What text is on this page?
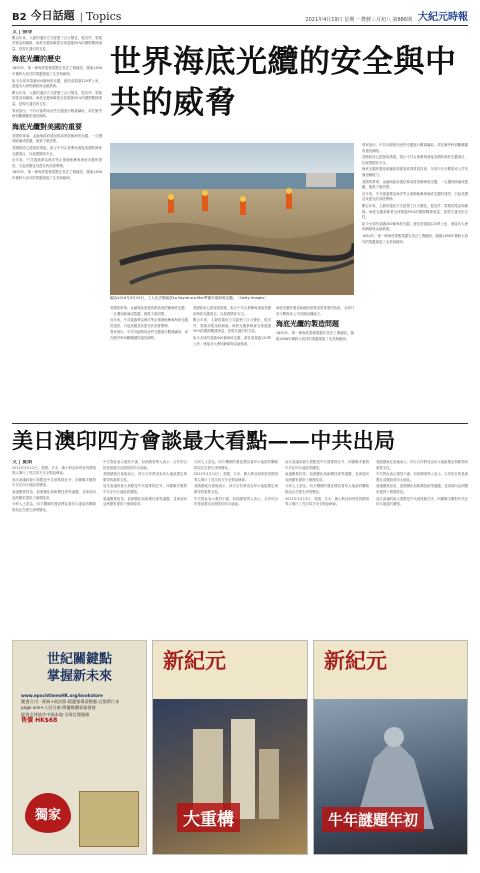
B2 今日話題 | Topics	2021年4月19日 星期一 農曆三月初八 第886期 大紀元時報
文 | 張菲
數百年來，人類的通信方式經歷了巨大變化，從信件、電報到電話和網絡。海底光纜承載著全球超過95%的國際數據流量，是現代通信的支柱。
海底光纜的歷史
1850年，第一條海底電報電纜在英法之間鋪設，隨後1858年橫跨大西洋的電纜連接了北美與歐洲。
如今全球有超過400條海底光纜，總長度超過120萬公里，連接各大洲的網絡與金融系統。
數百年來，人類的通信方式經歷了巨大變化，從信件、電報到電話和網絡。海底光纜承載著全球超過95%的國際數據流量，是現代通信的支柱。
專家指出，中共可能利用這些光纜進行數據竊取，或在衝突時切斷關鍵的通信線路。
海底光纜對美國的重要
美國的軍事、金融與政府通信都高度依賴海底光纜，一旦遭到破壞或監聽，後果不堪設想。
美國政府已經採取措施，阻止中共企業參與連接美國的海底光纜項目，以保護國家安全。
近年來，中共通過華為海洋等企業積極參與海底光纜的建設，引起美國及其盟友的高度警惕。
1850年，第一條海底電報電纜在英法之間鋪設，隨後1858年橫跨大西洋的電纜連接了北美與歐洲。
世界海底光纜的安全與中共的威脅
圖為2019年3月19日，工人在法國南部La Seyne-sur-Mer準備安裝海底光纜。（Getty Images）
美國的軍事、金融與政府通信都高度依賴海底光纜，一旦遭到破壞或監聽，後果不堪設想。
近年來，中共通過華為海洋等企業積極參與海底光纜的建設，引起美國及其盟友的高度警惕。
專家指出，中共可能利用這些光纜進行數據竊取，或在衝突時切斷關鍵的通信線路。
美國政府已經採取措施，阻止中共企業參與連接美國的海底光纜項目，以保護國家安全。
數百年來，人類的通信方式經歷了巨大變化，從信件、電報到電話和網絡。海底光纜承載著全球超過95%的國際數據流量，是現代通信的支柱。
如今全球有超過400條海底光纜，總長度超過120萬公里，連接各大洲的網絡與金融系統。
海底光纜的製造和鋪設需要高度專業的技術，全球只有少數幾家公司具備這種能力。
海底光纜的製造問題
1850年，第一條海底電報電纜在英法之間鋪設，隨後1858年橫跨大西洋的電纜連接了北美與歐洲。
專家指出，中共可能利用這些光纜進行數據竊取，或在衝突時切斷關鍵的通信線路。
美國政府已經採取措施，阻止中共企業參與連接美國的海底光纜項目，以保護國家安全。
海底光纜的製造和鋪設需要高度專業的技術，全球只有少數幾家公司具備這種能力。
美國的軍事、金融與政府通信都高度依賴海底光纜，一旦遭到破壞或監聽，後果不堪設想。
近年來，中共通過華為海洋等企業積極參與海底光纜的建設，引起美國及其盟友的高度警惕。
數百年來，人類的通信方式經歷了巨大變化，從信件、電報到電話和網絡。海底光纜承載著全球超過95%的國際數據流量，是現代通信的支柱。
如今全球有超過400條海底光纜，總長度超過120萬公里，連接各大洲的網絡與金融系統。
1850年，第一條海底電報電纜在英法之間鋪設，隨後1858年橫跨大西洋的電纜連接了北美與歐洲。
美日澳印四方會談最大看點——中共出局
文 | 夏雨
2021年3月12日，美國、日本、澳大利亞和印度四國領導人舉行了首次四方安全對話峰會。
這次會議的最大看點是中共被排除在外，四國聯手應對中共在印太地區的擴張。
會議聚焦疫苗、氣候變化和新興技術等議題，並承諾向亞洲國家提供十億劑疫苗。
分析人士認為，四方機制的強化標誌著印太地區的戰略格局正在發生深刻變化。
中共對此表示強烈不滿，但四國領導人表示，合作的目的是維護自由開放的印太地區。
美國總統在會後表示，四方合作將成為印太地區穩定與繁榮的重要支柱。
這次會議的最大看點是中共被排除在外，四國聯手應對中共在印太地區的擴張。
會議聚焦疫苗、氣候變化和新興技術等議題，並承諾向亞洲國家提供十億劑疫苗。
分析人士認為，四方機制的強化標誌著印太地區的戰略格局正在發生深刻變化。
2021年3月12日，美國、日本、澳大利亞和印度四國領導人舉行了首次四方安全對話峰會。
美國總統在會後表示，四方合作將成為印太地區穩定與繁榮的重要支柱。
中共對此表示強烈不滿，但四國領導人表示，合作的目的是維護自由開放的印太地區。
這次會議的最大看點是中共被排除在外，四國聯手應對中共在印太地區的擴張。
會議聚焦疫苗、氣候變化和新興技術等議題，並承諾向亞洲國家提供十億劑疫苗。
分析人士認為，四方機制的強化標誌著印太地區的戰略格局正在發生深刻變化。
2021年3月12日，美國、日本、澳大利亞和印度四國領導人舉行了首次四方安全對話峰會。
美國總統在會後表示，四方合作將成為印太地區穩定與繁榮的重要支柱。
中共對此表示強烈不滿，但四國領導人表示，合作的目的是維護自由開放的印太地區。
會議聚焦疫苗、氣候變化和新興技術等議題，並承諾向亞洲國家提供十億劑疫苗。
這次會議的最大看點是中共被排除在外，四國聯手應對中共在印太地區的擴張。
世紀關鍵點
掌握新未來
www.epochtimesHK.org/bookstore
雙書合刊：經典+政治版·精選報導看動態·訂閱單行本
page one+人民日報·傳播媒體事業發展
提供全球協作中國本地·全球訂閱服務
售價 HK$68
獨家
新紀元
大重構
新紀元
牛年謎題年初
